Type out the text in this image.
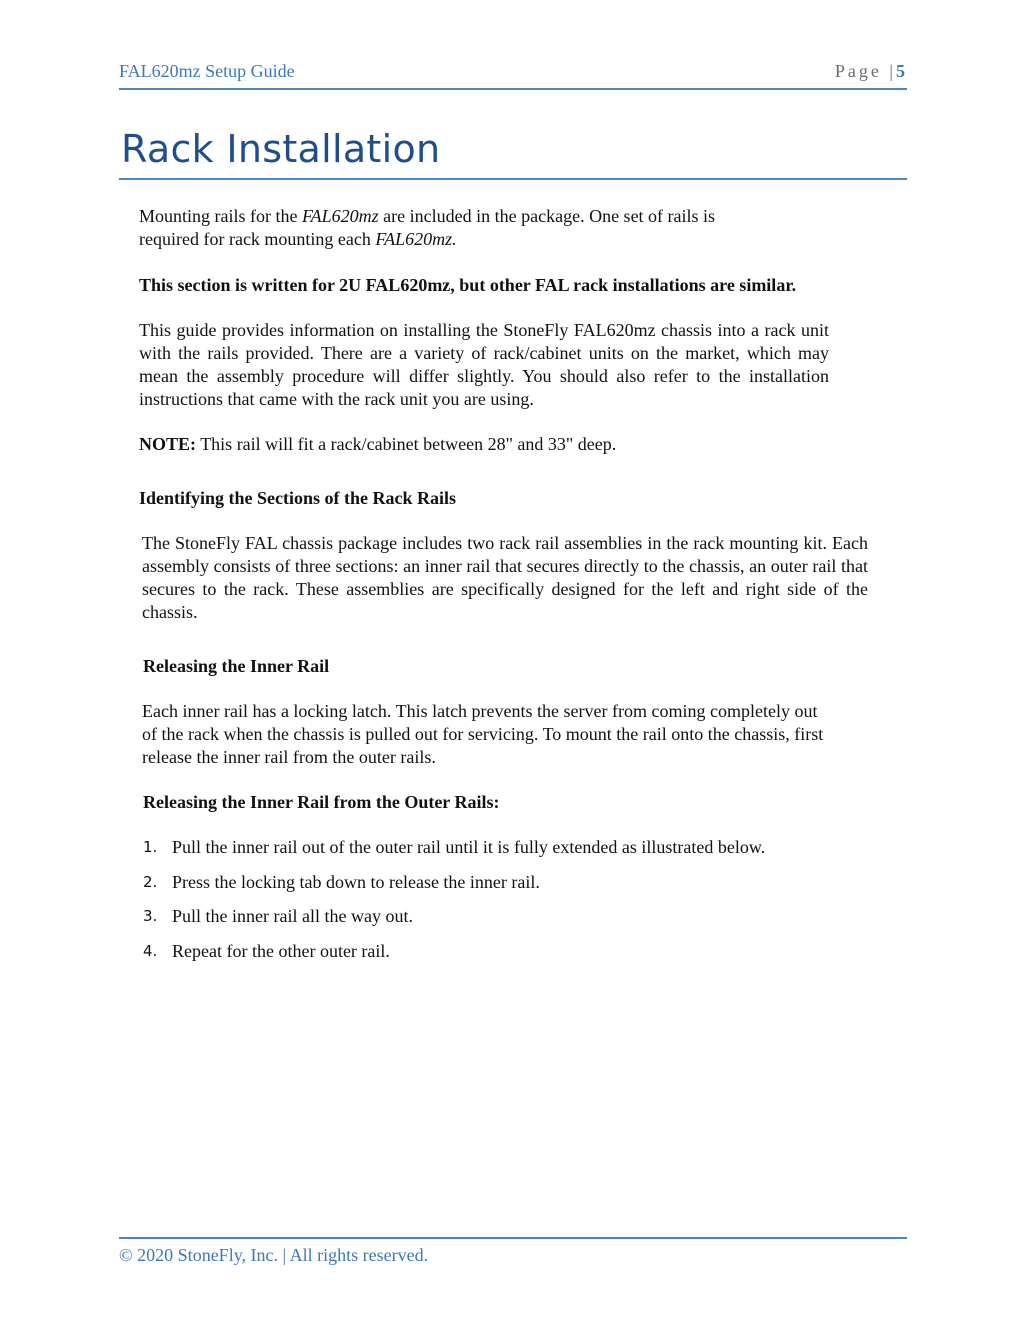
FAL620mz Setup Guide	Page | 5
Rack Installation

Mounting rails for the FAL620mz are included in the package. One set of rails is
required for rack mounting each FAL620mz.

This section is written for 2U FAL620mz, but other FAL rack installations are similar.

This guide provides information on installing the StoneFly FAL620mz chassis into a rack unit with the rails provided. There are a variety of rack/cabinet units on the market, which may mean the assembly procedure will differ slightly. You should also refer to the installation instructions that came with the rack unit you are using.

NOTE: This rail will fit a rack/cabinet between 28" and 33" deep.

Identifying the Sections of the Rack Rails

The StoneFly FAL chassis package includes two rack rail assemblies in the rack mounting kit. Each assembly consists of three sections: an inner rail that secures directly to the chassis, an outer rail that secures to the rack. These assemblies are specifically designed for the left and right side of the chassis.

Releasing the Inner Rail

Each inner rail has a locking latch. This latch prevents the server from coming completely out of the rack when the chassis is pulled out for servicing. To mount the rail onto the chassis, first release the inner rail from the outer rails.

Releasing the Inner Rail from the Outer Rails:

1. Pull the inner rail out of the outer rail until it is fully extended as illustrated below.
2. Press the locking tab down to release the inner rail.
3. Pull the inner rail all the way out.
4. Repeat for the other outer rail.
© 2020 StoneFly, Inc. | All rights reserved.
